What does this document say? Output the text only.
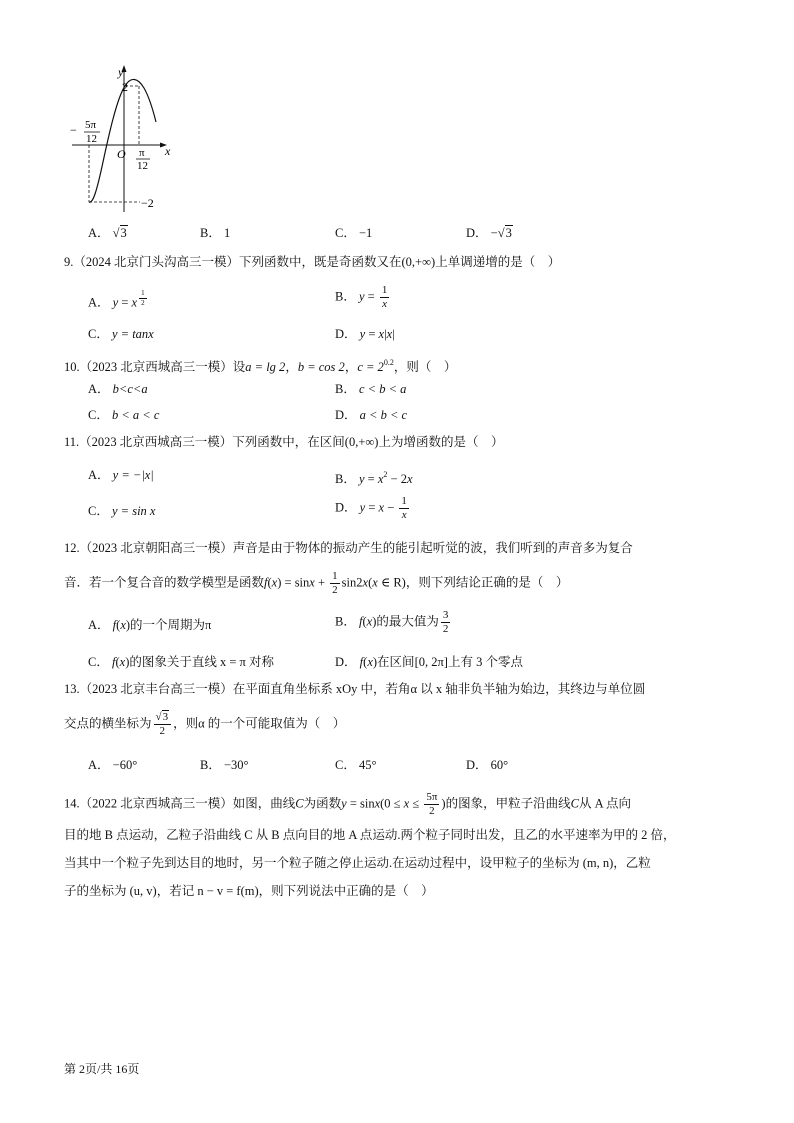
y
x
O
2
−2
− 5π
12
π
12
A． √3	B． 1	C． −1	D． −√3
9.（2024 北京门头沟高三一模）下列函数中，既是奇函数又在(0,+∞)上单调递增的是（　）
A． y = x $^{\frac{1}{2}}$	B． $y = \frac{1}{x}$
C． y = tanx	D． y = x|x|
10.（2023 北京西城高三一模）设a = lg 2，b = cos 2，$c = 2^{0.2}$，则（　）
A． b<c<a	B． c < b < a
C． b < a < c	D． a < b < c
11.（2023 北京西城高三一模）下列函数中，在区间(0,+∞)上为增函数的是（　）
A． y = −|x|	B． $y = x^2 - 2x$
C． y = sin x	D． $y = x - \frac{1}{x}$
12.（2023 北京朝阳高三一模）声音是由于物体的振动产生的能引起听觉的波，我们听到的声音多为复合
音．若一个复合音的数学模型是函数$f(x) = \sin x + \frac{1}{2} \sin 2x(x$ ∈ R)，则下列结论正确的是（　）
A． f(x)的一个周期为π	B． f(x)的最大值为 $\frac{3}{2}$
C． f(x)的图象关于直线 x = π 对称	D． f(x)在区间[0, 2π]上有 3 个零点
13.（2023 北京丰台高三一模）在平面直角坐标系 xOy 中，若角α 以 x 轴非负半轴为始边，其终边与单位圆
交点的横坐标为 $\frac{√3}{2}$ ，则α 的一个可能取值为（　）
A． −60°	B． −30°	C． 45°	D． 60°
14.（2022 北京西城高三一模）如图，曲线C为函数$y = \sin x(0 \le x \le \frac{5\pi}{2}$ )的图象，甲粒子沿曲线C从 A 点向
目的地 B 点运动，乙粒子沿曲线 C 从 B 点向目的地 A 点运动.两个粒子同时出发，且乙的水平速率为甲的 2 倍，
当其中一个粒子先到达目的地时，另一个粒子随之停止运动.在运动过程中，设甲粒子的坐标为 (m, n)，乙粒
子的坐标为 (u, v)，若记 n − v = f(m)，则下列说法中正确的是（　）
第 2页/共 16页
